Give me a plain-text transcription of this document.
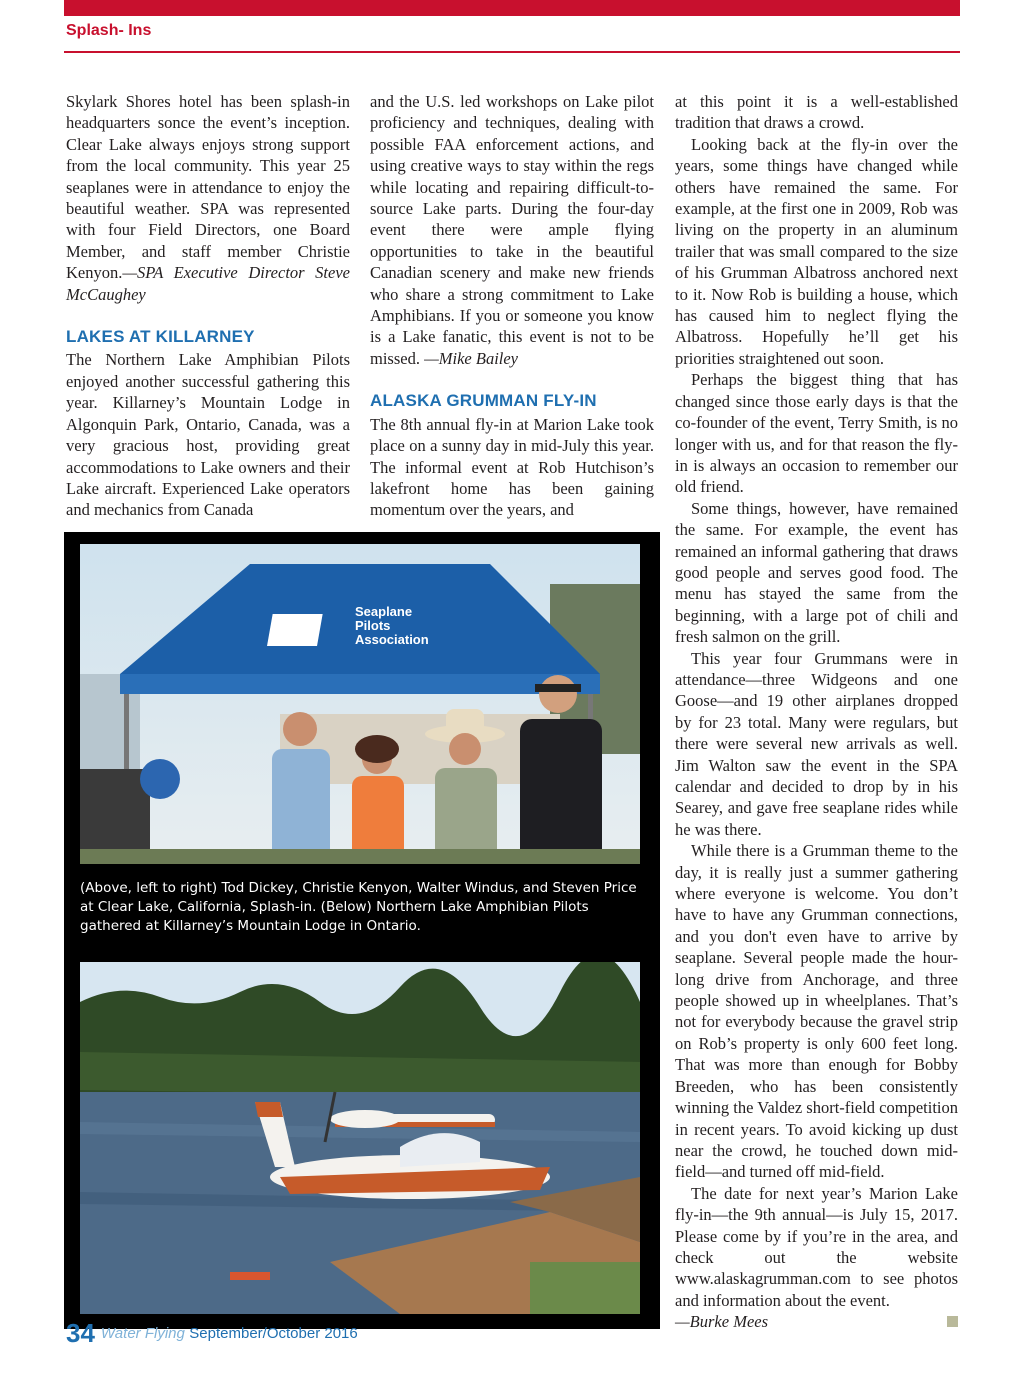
Splash- Ins

Skylark Shores hotel has been splash-in headquarters sonce the event’s inception. Clear Lake always enjoys strong support from the local community. This year 25 seaplanes were in attendance to enjoy the beautiful weather. SPA was represented with four Field Directors, one Board Member, and staff member Christie Kenyon.—SPA Executive Director Steve McCaughey

LAKES AT KILLARNEY

The Northern Lake Amphibian Pilots enjoyed another successful gathering this year. Killarney’s Mountain Lodge in Algonquin Park, Ontario, Canada, was a very gracious host, providing great accommodations to Lake owners and their Lake aircraft. Experienced Lake operators and mechanics from Canada

and the U.S. led workshops on Lake pilot proficiency and techniques, dealing with possible FAA enforcement actions, and using creative ways to stay within the regs while locating and repairing difficult-to-source Lake parts. During the four-day event there were ample flying opportunities to take in the beautiful Canadian scenery and make new friends who share a strong commitment to Lake Amphibians. If you or someone you know is a Lake fanatic, this event is not to be missed. —Mike Bailey

ALASKA GRUMMAN FLY-IN

The 8th annual fly-in at Marion Lake took place on a sunny day in mid-July this year. The informal event at Rob Hutchison’s lakefront home has been gaining momentum over the years, and

at this point it is a well-established tradition that draws a crowd.

Looking back at the fly-in over the years, some things have changed while others have remained the same. For example, at the first one in 2009, Rob was living on the property in an aluminum trailer that was small compared to the size of his Grumman Albatross anchored next to it. Now Rob is building a house, which has caused him to neglect flying the Albatross. Hopefully he’ll get his priorities straightened out soon.

Perhaps the biggest thing that has changed since those early days is that the co-founder of the event, Terry Smith, is no longer with us, and for that reason the fly-in is always an occasion to remember our old friend.

Some things, however, have remained the same. For example, the event has remained an informal gathering that draws good people and serves good food. The menu has stayed the same from the beginning, with a large pot of chili and fresh salmon on the grill.

This year four Grummans were in attendance—three Widgeons and one Goose—and 19 other airplanes dropped by for 23 total. Many were regulars, but there were several new arrivals as well. Jim Walton saw the event in the SPA calendar and decided to drop by in his Searey, and gave free seaplane rides while he was there.

While there is a Grumman theme to the day, it is really just a summer gathering where everyone is welcome. You don’t have to have any Grumman connections, and you don't even have to arrive by seaplane. Several people made the hour-long drive from Anchorage, and three people showed up in wheelplanes. That’s not for everybody because the gravel strip on Rob’s property is only 600 feet long. That was more than enough for Bobby Breeden, who has been consistently winning the Valdez short-field competition in recent years. To avoid kicking up dust near the crowd, he touched down mid-field—and turned off mid-field.

The date for next year’s Marion Lake fly-in—the 9th annual—is July 15, 2017. Please come by if you’re in the area, and check out the website www.alaskagrumman.com to see photos and information about the event.
—Burke Mees

Seaplane
Pilots
Association
(Above, left to right) Tod Dickey, Christie Kenyon, Walter Windus, and Steven Price at Clear Lake, California, Splash-in. (Below) Northern Lake Amphibian Pilots gathered at Killarney’s Mountain Lodge in Ontario.
34 Water Flying September/October 2016
